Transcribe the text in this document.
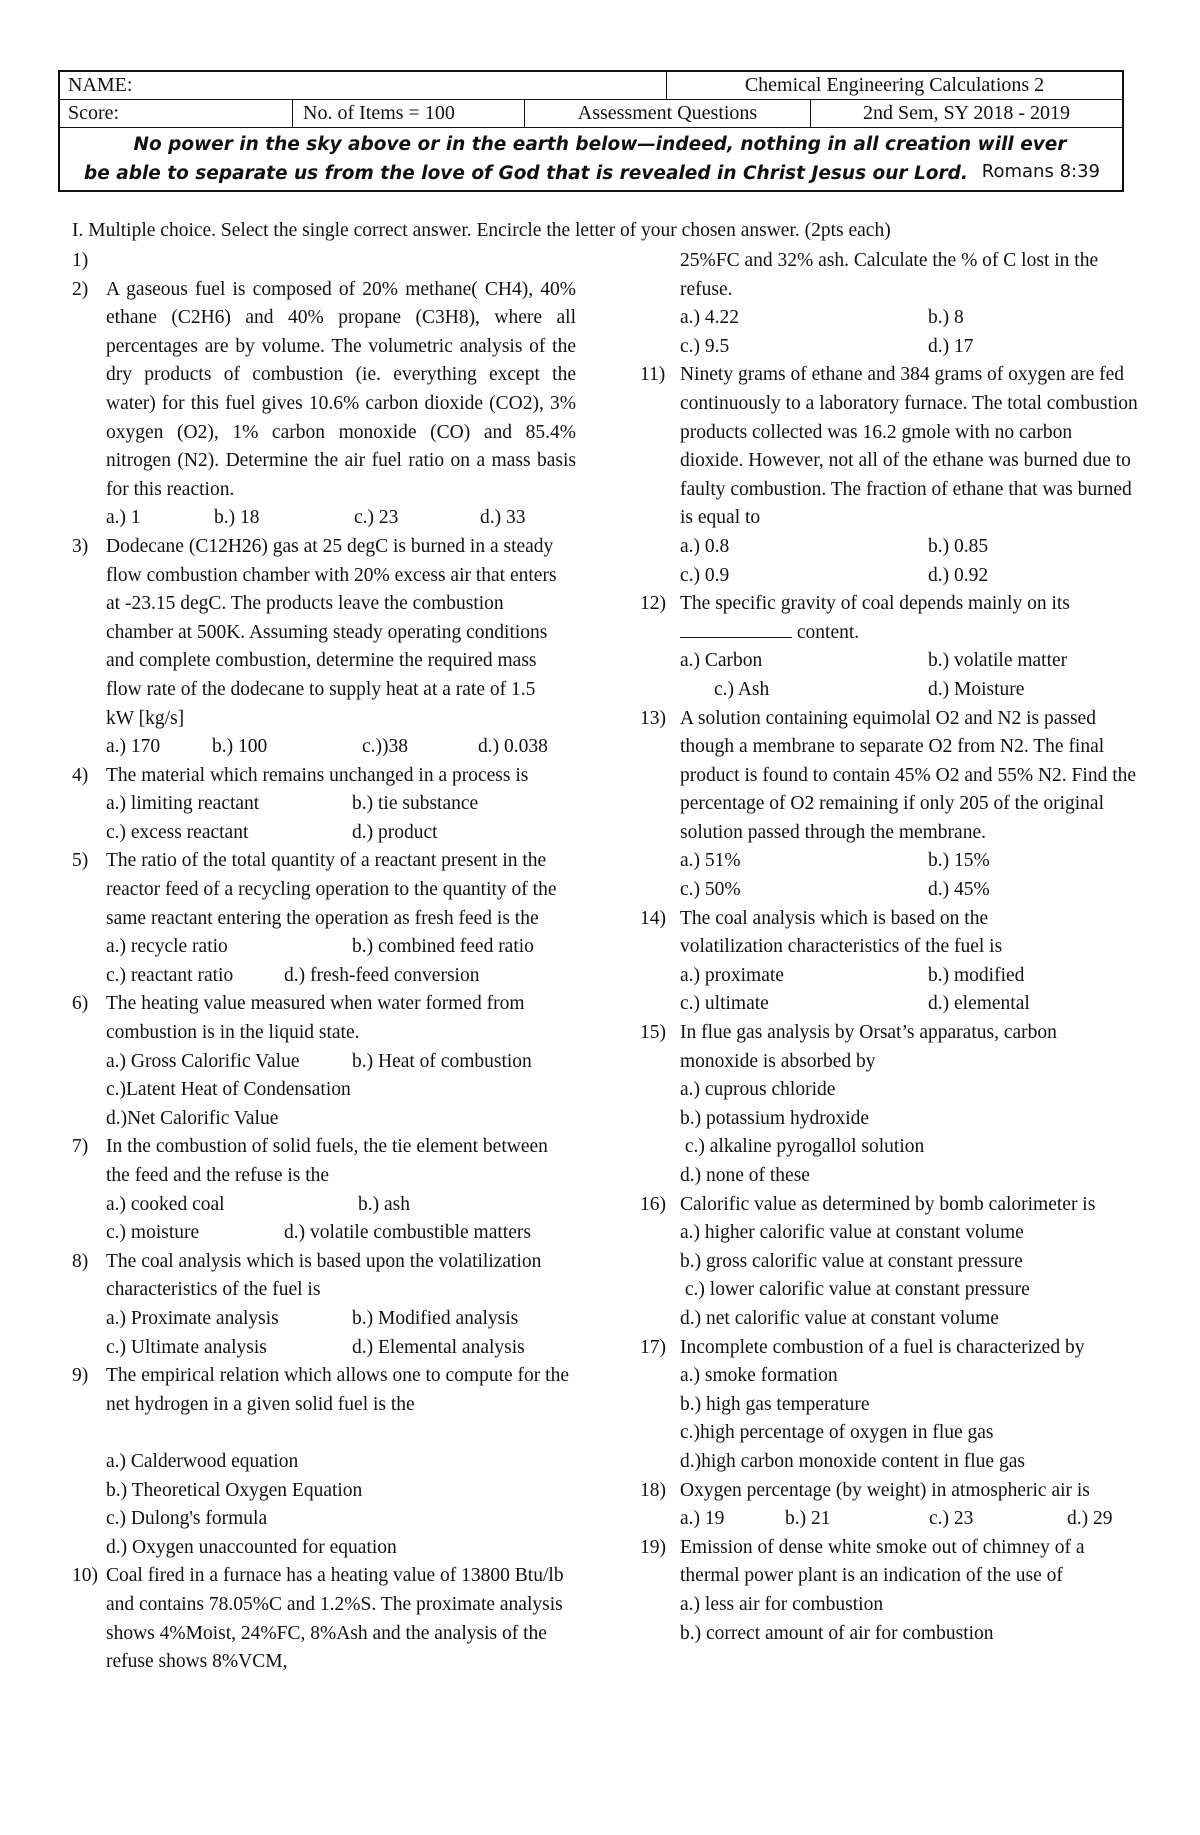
NAME:	Chemical Engineering Calculations 2
Score:	No. of Items = 100	Assessment Questions	2nd Sem, SY 2018 - 2019
No power in the sky above or in the earth below—indeed, nothing in all creation will ever
be able to separate us from the love of God that is revealed in Christ Jesus our Lord. Romans 8:39
I. Multiple choice. Select the single correct answer. Encircle the letter of your chosen answer. (2pts each)
1)

2) A gaseous fuel is composed of 20% methane( CH4), 40% ethane (C2H6) and 40% propane (C3H8), where all percentages are by volume. The volumetric analysis of the dry products of combustion (ie. everything except the water) for this fuel gives 10.6% carbon dioxide (CO2), 3% oxygen (O2), 1% carbon monoxide (CO) and 85.4% nitrogen (N2). Determine the air fuel ratio on a mass basis for this reaction.
a.) 1	b.) 18	c.) 23	d.) 33
3) Dodecane (C12H26) gas at 25 degC is burned in a steady flow combustion chamber with 20% excess air that enters at -23.15 degC. The products leave the combustion chamber at 500K. Assuming steady operating conditions and complete combustion, determine the required mass flow rate of the dodecane to supply heat at a rate of 1.5 kW [kg/s]
a.) 170	b.) 100	c.))38	d.) 0.038
4) The material which remains unchanged in a process is
a.) limiting reactant	b.) tie substance
c.) excess reactant	d.) product
5) The ratio of the total quantity of a reactant present in the reactor feed of a recycling operation to the quantity of the same reactant entering the operation as fresh feed is the
a.) recycle ratio	b.) combined feed ratio
c.) reactant ratio	d.) fresh-feed conversion
6) The heating value measured when water formed from combustion is in the liquid state.
a.) Gross Calorific Value	b.) Heat of combustion
c.)Latent Heat of Condensation
d.)Net Calorific Value
7) In the combustion of solid fuels, the tie element between the feed and the refuse is the
a.) cooked coal	b.) ash
c.) moisture	d.) volatile combustible matters
8) The coal analysis which is based upon the volatilization characteristics of the fuel is
a.) Proximate analysis	b.) Modified analysis
c.) Ultimate analysis	d.) Elemental analysis
9) The empirical relation which allows one to compute for the net hydrogen in a given solid fuel is the
a.) Calderwood equation
b.) Theoretical Oxygen Equation
c.) Dulong's formula
d.) Oxygen unaccounted for equation
10) Coal fired in a furnace has a heating value of 13800 Btu/lb and contains 78.05%C and 1.2%S. The proximate analysis shows 4%Moist, 24%FC, 8%Ash and the analysis of the refuse shows 8%VCM,
25%FC and 32% ash. Calculate the % of C lost in the refuse.
a.) 4.22	b.) 8
c.) 9.5	d.) 17
11) Ninety grams of ethane and 384 grams of oxygen are fed continuously to a laboratory furnace. The total combustion products collected was 16.2 gmole with no carbon dioxide. However, not all of the ethane was burned due to faulty combustion. The fraction of ethane that was burned is equal to
a.) 0.8	b.) 0.85
c.) 0.9	d.) 0.92
12) The specific gravity of coal depends mainly on its
content.
a.) Carbon	b.) volatile matter
c.) Ash	d.) Moisture
13) A solution containing equimolal O2 and N2 is passed though a membrane to separate O2 from N2. The final product is found to contain 45% O2 and 55% N2. Find the percentage of O2 remaining if only 205 of the original solution passed through the membrane.
a.) 51%	b.) 15%
c.) 50%	d.) 45%
14) The coal analysis which is based on the volatilization characteristics of the fuel is
a.) proximate	b.) modified
c.) ultimate	d.) elemental
15) In flue gas analysis by Orsat’s apparatus, carbon monoxide is absorbed by
a.) cuprous chloride
b.) potassium hydroxide
c.) alkaline pyrogallol solution
d.) none of these
16) Calorific value as determined by bomb calorimeter is
a.) higher calorific value at constant volume
b.) gross calorific value at constant pressure
c.) lower calorific value at constant pressure
d.) net calorific value at constant volume
17) Incomplete combustion of a fuel is characterized by
a.) smoke formation
b.) high gas temperature
c.)high percentage of oxygen in flue gas
d.)high carbon monoxide content in flue gas
18) Oxygen percentage (by weight) in atmospheric air is
a.) 19	b.) 21	c.) 23	d.) 29
19) Emission of dense white smoke out of chimney of a thermal power plant is an indication of the use of
a.) less air for combustion
b.) correct amount of air for combustion
